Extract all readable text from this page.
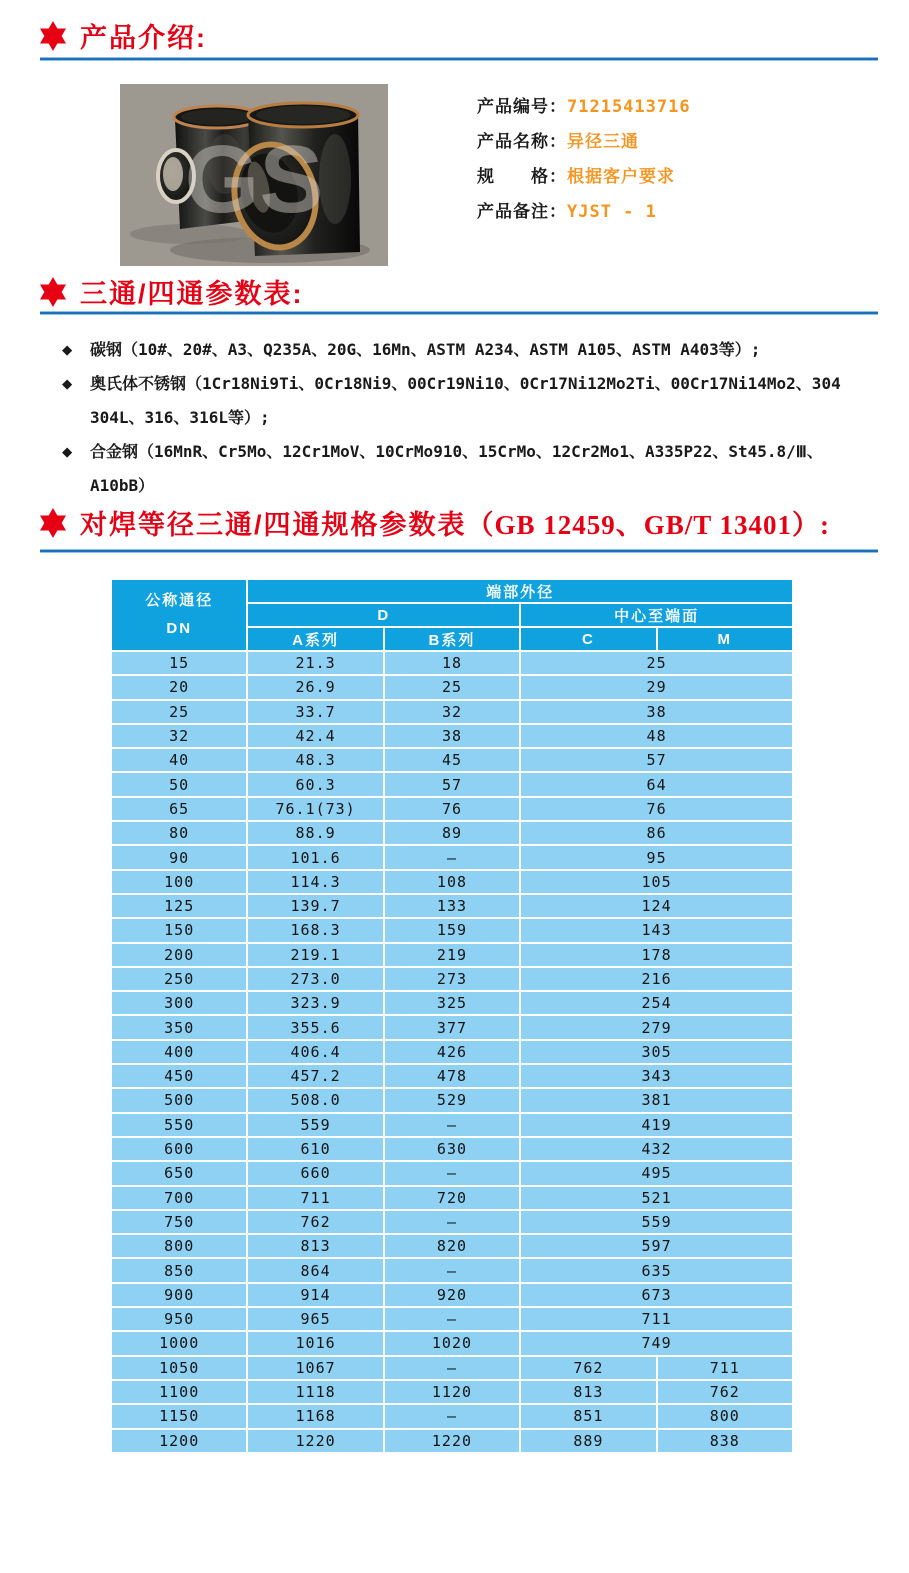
产品介绍:
GS
产品编号：71215413716
产品名称：异径三通
规　　格：根据客户要求
产品备注：YJST - 1
三通/四通参数表:
◆ 碳钢（10#、20#、A3、Q235A、20G、16Mn、ASTM A234、ASTM A105、ASTM A403等）;
◆ 奥氏体不锈钢（1Cr18Ni9Ti、0Cr18Ni9、00Cr19Ni10、0Cr17Ni12Mo2Ti、00Cr17Ni14Mo2、304
304L、316、316L等）;
◆ 合金钢（16MnR、Cr5Mo、12Cr1MoV、10CrMo910、15CrMo、12Cr2Mo1、A335P22、St45.8/Ⅲ、
A10bB）
对焊等径三通/四通规格参数表（GB 12459、GB/T 13401）:
公称通径
DN	端部外径			
	D		中心至端面	
	A系列	B系列	C	M
15	21.3	18	25	
20	26.9	25	29	
25	33.7	32	38	
32	42.4	38	48	
40	48.3	45	57	
50	60.3	57	64	
65	76.1(73)	76	76	
80	88.9	89	86	
90	101.6	—	95	
100	114.3	108	105	
125	139.7	133	124	
150	168.3	159	143	
200	219.1	219	178	
250	273.0	273	216	
300	323.9	325	254	
350	355.6	377	279	
400	406.4	426	305	
450	457.2	478	343	
500	508.0	529	381	
550	559	—	419	
600	610	630	432	
650	660	—	495	
700	711	720	521	
750	762	—	559	
800	813	820	597	
850	864	—	635	
900	914	920	673	
950	965	—	711	
1000	1016	1020	749	
1050	1067	—	762	711
1100	1118	1120	813	762
1150	1168	—	851	800
1200	1220	1220	889	838
